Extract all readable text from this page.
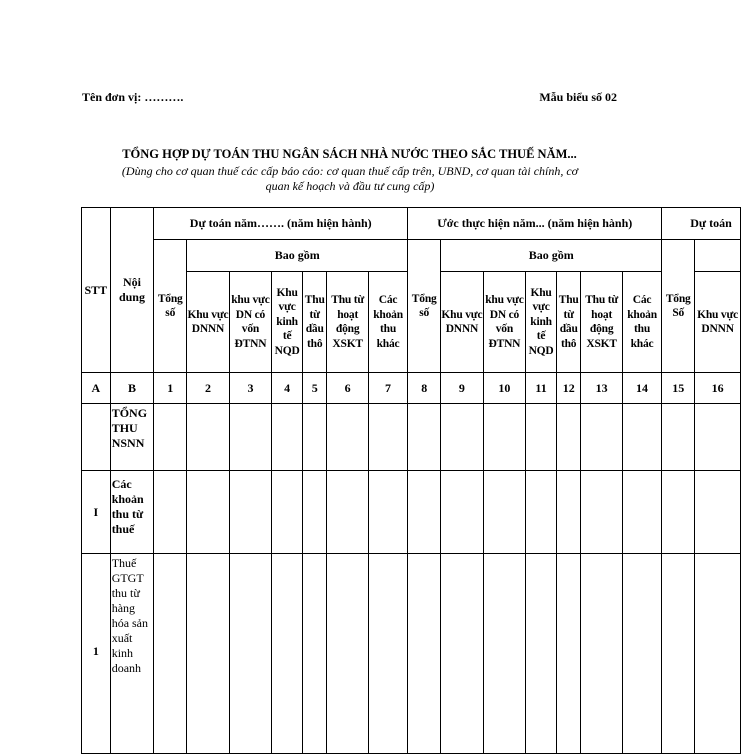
Tên đơn vị: ……….	Mẫu biểu số 02
TỔNG HỢP DỰ TOÁN THU NGÂN SÁCH NHÀ NƯỚC THEO SẮC THUẾ NĂM...
(Dùng cho cơ quan thuế các cấp báo cáo: cơ quan thuế cấp trên, UBND, cơ quan tài chính, cơ
quan kế hoạch và đầu tư cung cấp)
STT	Nội dung	Dự toán năm……. (năm hiện hành)							Ước thực hiện năm... (năm hiện hành)							Dự toán	
		Tổng số	Bao gồm						Tổng số	Bao gồm						Tổng Số	
			Khu vực DNNN	khu vực DN có vốn ĐTNN	Khu vực kinh tế NQD	Thu từ dầu thô	Thu từ hoạt động XSKT	Các khoản thu khác		Khu vực DNNN	khu vực DN có vốn ĐTNN	Khu vực kinh tế NQD	Thu từ dầu thô	Thu từ hoạt động XSKT	Các khoản thu khác		Khu vực DNNN
A	B	1	2	3	4	5	6	7	8	9	10	11	12	13	14	15	16
	TỔNG THU NSNN																
I	Các khoản thu từ thuế																
1	Thuế GTGT thu từ hàng hóa sản xuất kinh doanh																
